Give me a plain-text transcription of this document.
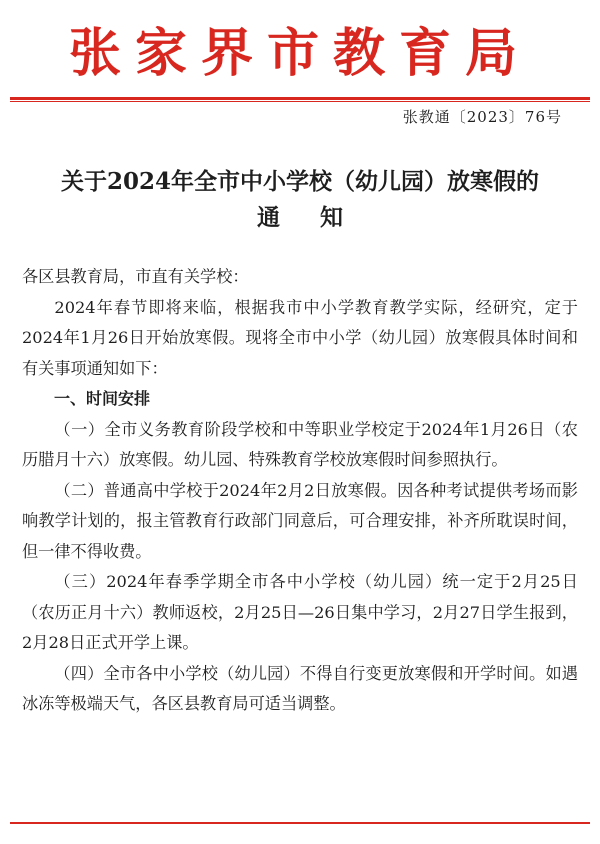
张家界市教育局
张教通〔2023〕76号
关于2024年全市中小学校（幼儿园）放寒假的
通知

各区县教育局，市直有关学校：

2024年春节即将来临，根据我市中小学教育教学实际，经研究，定于2024年1月26日开始放寒假。现将全市中小学（幼儿园）放寒假具体时间和有关事项通知如下：

一、时间安排

（一）全市义务教育阶段学校和中等职业学校定于2024年1月26日（农历腊月十六）放寒假。幼儿园、特殊教育学校放寒假时间参照执行。

（二）普通高中学校于2024年2月2日放寒假。因各种考试提供考场而影响教学计划的，报主管教育行政部门同意后，可合理安排，补齐所耽误时间，但一律不得收费。

（三）2024年春季学期全市各中小学校（幼儿园）统一定于2月25日（农历正月十六）教师返校，2月25日—26日集中学习，2月27日学生报到，2月28日正式开学上课。

（四）全市各中小学校（幼儿园）不得自行变更放寒假和开学时间。如遇冰冻等极端天气，各区县教育局可适当调整。
